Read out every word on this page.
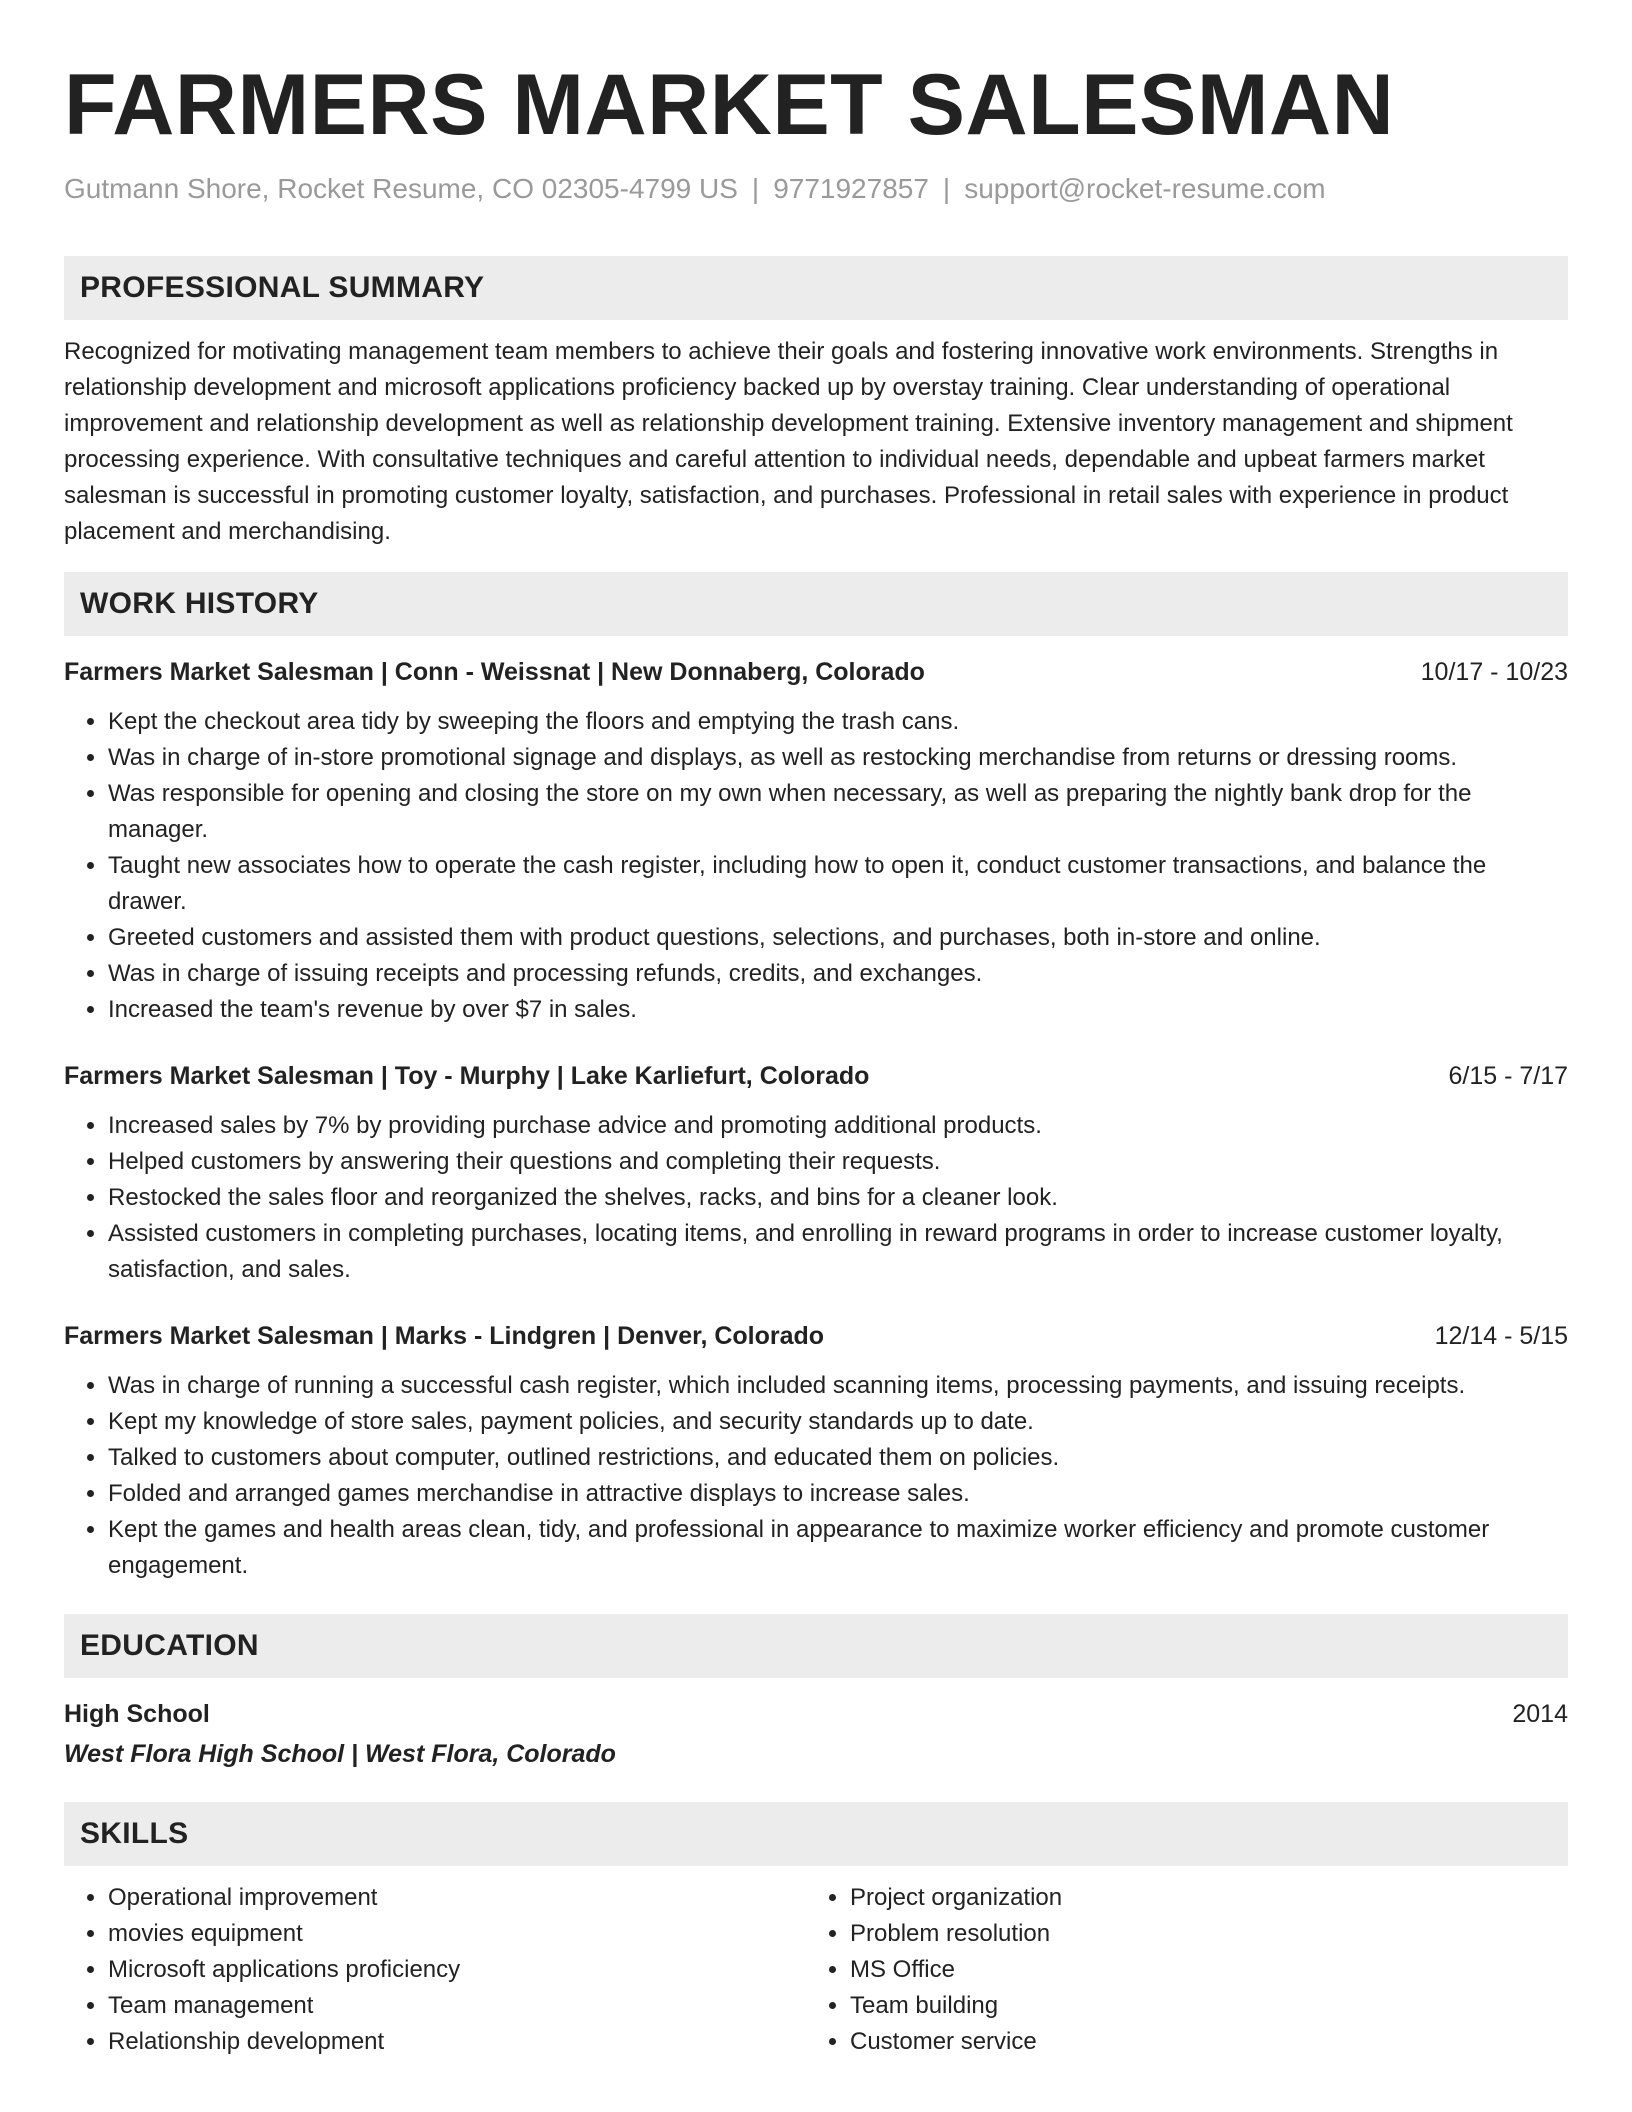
FARMERS MARKET SALESMAN
Gutmann Shore, Rocket Resume, CO 02305-4799 US | 9771927857 | support@rocket-resume.com
PROFESSIONAL SUMMARY
Recognized for motivating management team members to achieve their goals and fostering innovative work environments. Strengths in relationship development and microsoft applications proficiency backed up by overstay training. Clear understanding of operational improvement and relationship development as well as relationship development training. Extensive inventory management and shipment processing experience. With consultative techniques and careful attention to individual needs, dependable and upbeat farmers market salesman is successful in promoting customer loyalty, satisfaction, and purchases. Professional in retail sales with experience in product placement and merchandising.
WORK HISTORY
Farmers Market Salesman | Conn - Weissnat | New Donnaberg, Colorado	10/17 - 10/23
• Kept the checkout area tidy by sweeping the floors and emptying the trash cans.
• Was in charge of in-store promotional signage and displays, as well as restocking merchandise from returns or dressing rooms.
• Was responsible for opening and closing the store on my own when necessary, as well as preparing the nightly bank drop for the manager.
• Taught new associates how to operate the cash register, including how to open it, conduct customer transactions, and balance the drawer.
• Greeted customers and assisted them with product questions, selections, and purchases, both in-store and online.
• Was in charge of issuing receipts and processing refunds, credits, and exchanges.
• Increased the team's revenue by over $7 in sales.
Farmers Market Salesman | Toy - Murphy | Lake Karliefurt, Colorado	6/15 - 7/17
• Increased sales by 7% by providing purchase advice and promoting additional products.
• Helped customers by answering their questions and completing their requests.
• Restocked the sales floor and reorganized the shelves, racks, and bins for a cleaner look.
• Assisted customers in completing purchases, locating items, and enrolling in reward programs in order to increase customer loyalty, satisfaction, and sales.
Farmers Market Salesman | Marks - Lindgren | Denver, Colorado	12/14 - 5/15
• Was in charge of running a successful cash register, which included scanning items, processing payments, and issuing receipts.
• Kept my knowledge of store sales, payment policies, and security standards up to date.
• Talked to customers about computer, outlined restrictions, and educated them on policies.
• Folded and arranged games merchandise in attractive displays to increase sales.
• Kept the games and health areas clean, tidy, and professional in appearance to maximize worker efficiency and promote customer engagement.
EDUCATION
High School	2014
West Flora High School | West Flora, Colorado
SKILLS
• Operational improvement
• movies equipment
• Microsoft applications proficiency
• Team management
• Relationship development
• Project organization
• Problem resolution
• MS Office
• Team building
• Customer service
